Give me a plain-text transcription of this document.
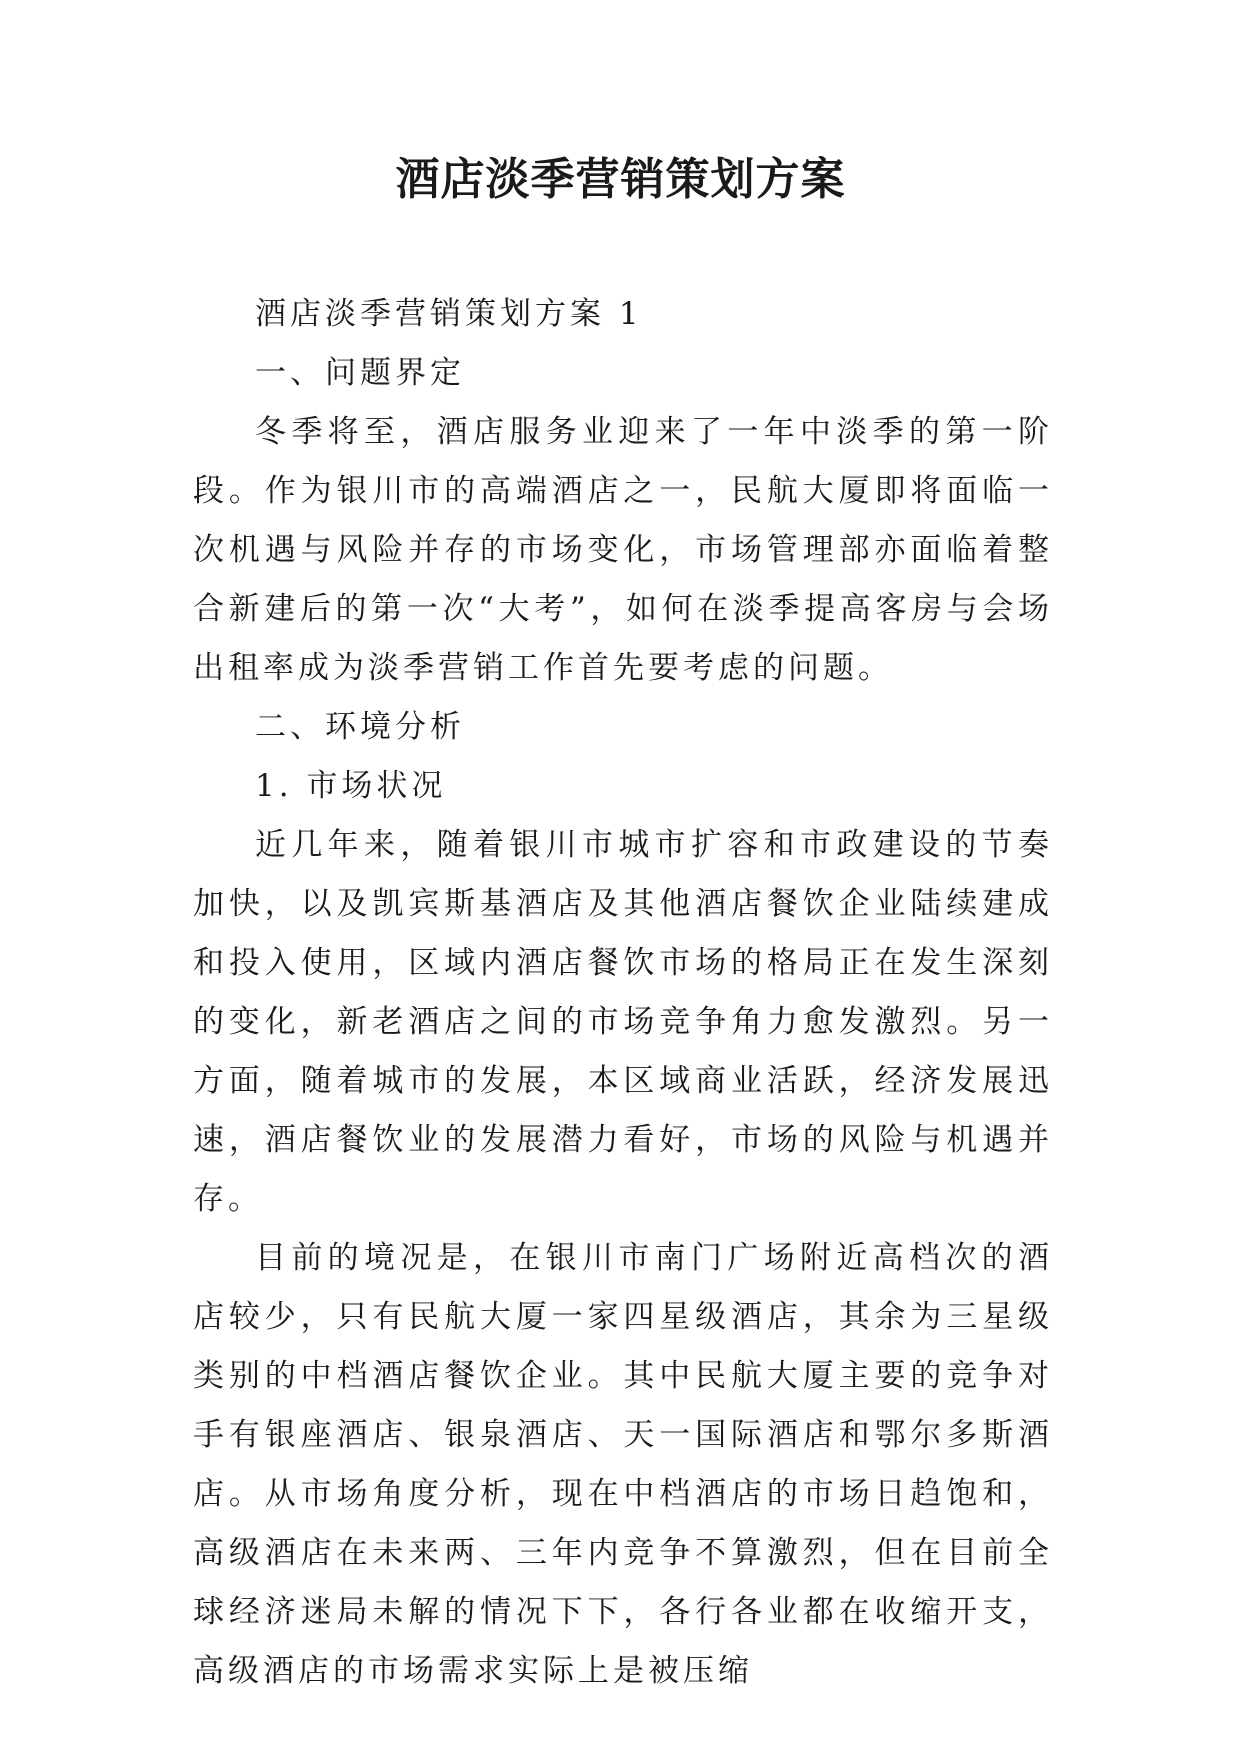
酒店淡季营销策划方案

酒店淡季营销策划方案 1

一、问题界定

冬季将至，酒店服务业迎来了一年中淡季的第一阶段。作为银川市的高端酒店之一，民航大厦即将面临一次机遇与风险并存的市场变化，市场管理部亦面临着整合新建后的第一次“大考”，如何在淡季提高客房与会场出租率成为淡季营销工作首先要考虑的问题。

二、环境分析

1. 市场状况

近几年来，随着银川市城市扩容和市政建设的节奏加快，以及凯宾斯基酒店及其他酒店餐饮企业陆续建成和投入使用，区域内酒店餐饮市场的格局正在发生深刻的变化，新老酒店之间的市场竞争角力愈发激烈。另一方面，随着城市的发展，本区域商业活跃，经济发展迅速，酒店餐饮业的发展潜力看好，市场的风险与机遇并存。

目前的境况是，在银川市南门广场附近高档次的酒店较少，只有民航大厦一家四星级酒店，其余为三星级类别的中档酒店餐饮企业。其中民航大厦主要的竞争对手有银座酒店、银泉酒店、天一国际酒店和鄂尔多斯酒店。从市场角度分析，现在中档酒店的市场日趋饱和，高级酒店在未来两、三年内竞争不算激烈，但在目前全球经济迷局未解的情况下下，各行各业都在收缩开支，高级酒店的市场需求实际上是被压缩
